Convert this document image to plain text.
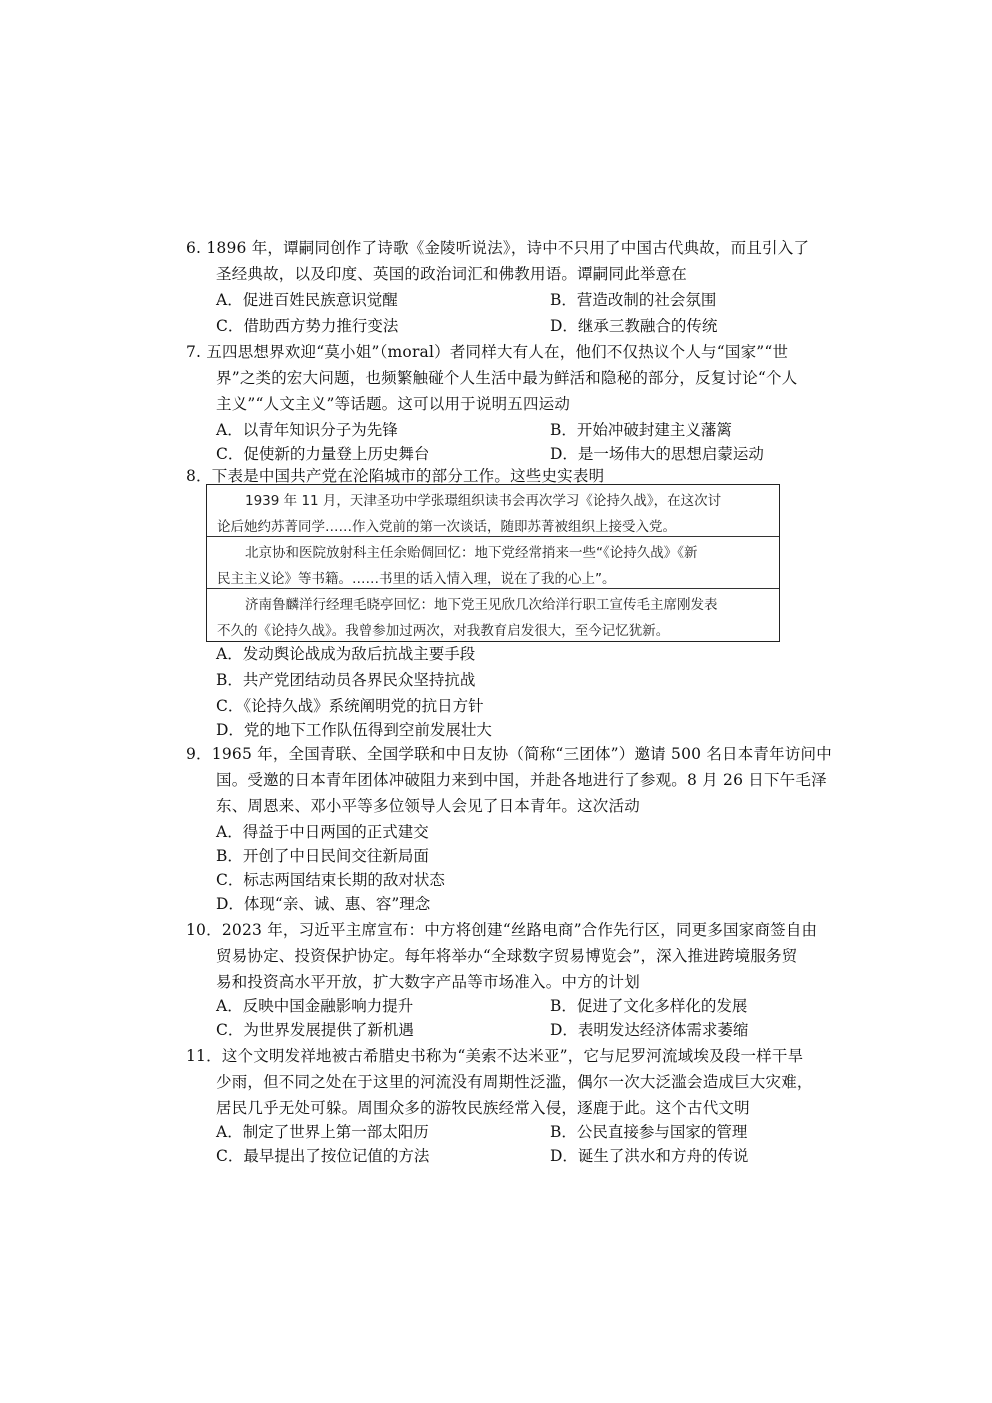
6. 1896 年，谭嗣同创作了诗歌《金陵听说法》，诗中不只用了中国古代典故，而且引入了
圣经典故，以及印度、英国的政治词汇和佛教用语。谭嗣同此举意在
A．促进百姓民族意识觉醒	B．营造改制的社会氛围
C．借助西方势力推行变法	D．继承三教融合的传统
7. 五四思想界欢迎“莫小姐”（moral）者同样大有人在，他们不仅热议个人与“国家”“世
界”之类的宏大问题，也频繁触碰个人生活中最为鲜活和隐秘的部分，反复讨论“个人
主义”“人文主义”等话题。这可以用于说明五四运动
A．以青年知识分子为先锋	B．开始冲破封建主义藩篱
C．促使新的力量登上历史舞台	D．是一场伟大的思想启蒙运动
8．下表是中国共产党在沦陷城市的部分工作。这些史实表明
1939 年 11 月，天津圣功中学张璟组织读书会再次学习《论持久战》，在这次讨
论后她约苏菁同学……作入党前的第一次谈话，随即苏菁被组织上接受入党。
北京协和医院放射科主任余贻倜回忆：地下党经常捎来一些“《论持久战》《新
民主主义论》等书籍。……书里的话入情入理，说在了我的心上”。
济南鲁麟洋行经理毛晓亭回忆：地下党王见欣几次给洋行职工宣传毛主席刚发表
不久的《论持久战》。我曾参加过两次，对我教育启发很大，至今记忆犹新。
A．发动舆论战成为敌后抗战主要手段
B．共产党团结动员各界民众坚持抗战
C．《论持久战》系统阐明党的抗日方针
D．党的地下工作队伍得到空前发展壮大
9．1965 年，全国青联、全国学联和中日友协（简称“三团体”）邀请 500 名日本青年访问中
国。受邀的日本青年团体冲破阻力来到中国，并赴各地进行了参观。8 月 26 日下午毛泽
东、周恩来、邓小平等多位领导人会见了日本青年。这次活动
A．得益于中日两国的正式建交
B．开创了中日民间交往新局面
C．标志两国结束长期的敌对状态
D．体现“亲、诚、惠、容”理念
10．2023 年，习近平主席宣布：中方将创建“丝路电商”合作先行区，同更多国家商签自由
贸易协定、投资保护协定。每年将举办“全球数字贸易博览会”，深入推进跨境服务贸
易和投资高水平开放，扩大数字产品等市场准入。中方的计划
A．反映中国金融影响力提升	B．促进了文化多样化的发展
C．为世界发展提供了新机遇	D．表明发达经济体需求萎缩
11．这个文明发祥地被古希腊史书称为“美索不达米亚”，它与尼罗河流域埃及段一样干旱
少雨，但不同之处在于这里的河流没有周期性泛滥，偶尔一次大泛滥会造成巨大灾难，
居民几乎无处可躲。周围众多的游牧民族经常入侵，逐鹿于此。这个古代文明
A．制定了世界上第一部太阳历	B．公民直接参与国家的管理
C．最早提出了按位记值的方法	D．诞生了洪水和方舟的传说
